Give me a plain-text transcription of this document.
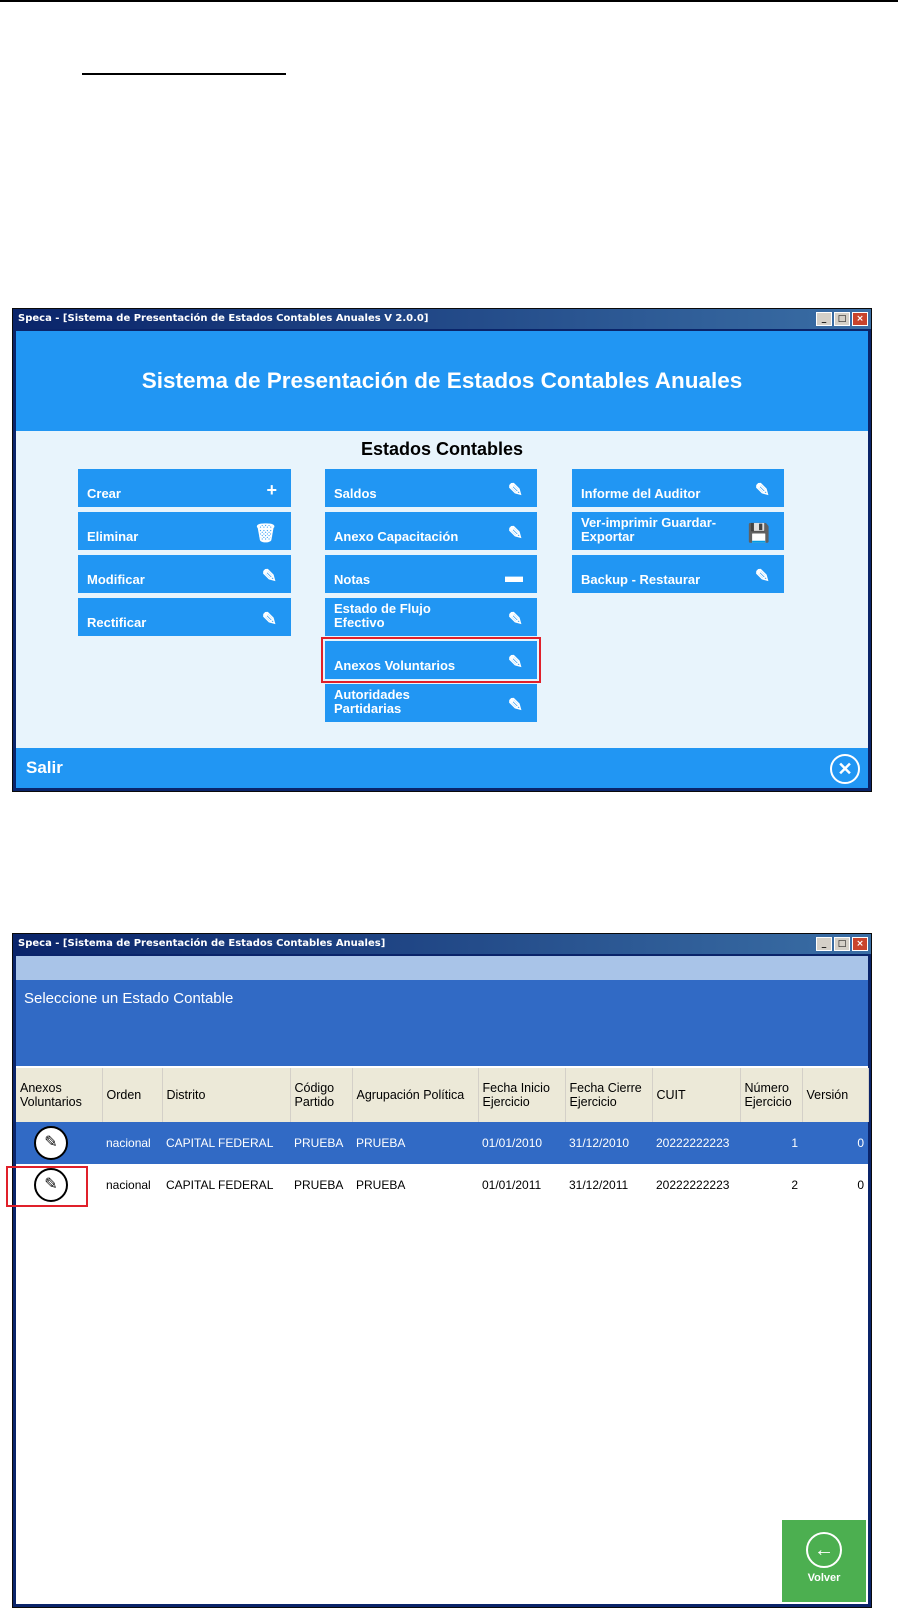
Speca - [Sistema de Presentación de Estados Contables Anuales V 2.0.0]	_	□	×
Sistema de Presentación de Estados Contables Anuales
Estados Contables
Crear	+
Eliminar	🗑
Modificar	✎
Rectificar	✎
Saldos	✎
Anexo Capacitación	✎
Notas	▬
Estado de Flujo Efectivo	✎
Anexos Voluntarios	✎
Autoridades Partidarias	✎
Informe del Auditor	✎
Ver-imprimir Guardar-Exportar	💾
Backup - Restaurar	✎
Salir	✕
Speca - [Sistema de Presentación de Estados Contables Anuales]	_	□	×
Seleccione un Estado Contable
Anexos Voluntarios	Orden	Distrito	Código Partido	Agrupación Política	Fecha Inicio Ejercicio	Fecha Cierre Ejercicio	CUIT	Número Ejercicio	Versión
✎	nacional	CAPITAL FEDERAL	PRUEBA	PRUEBA	01/01/2010	31/12/2010	20222222223	1	0
✎	nacional	CAPITAL FEDERAL	PRUEBA	PRUEBA	01/01/2011	31/12/2011	20222222223	2	0
←
Volver
